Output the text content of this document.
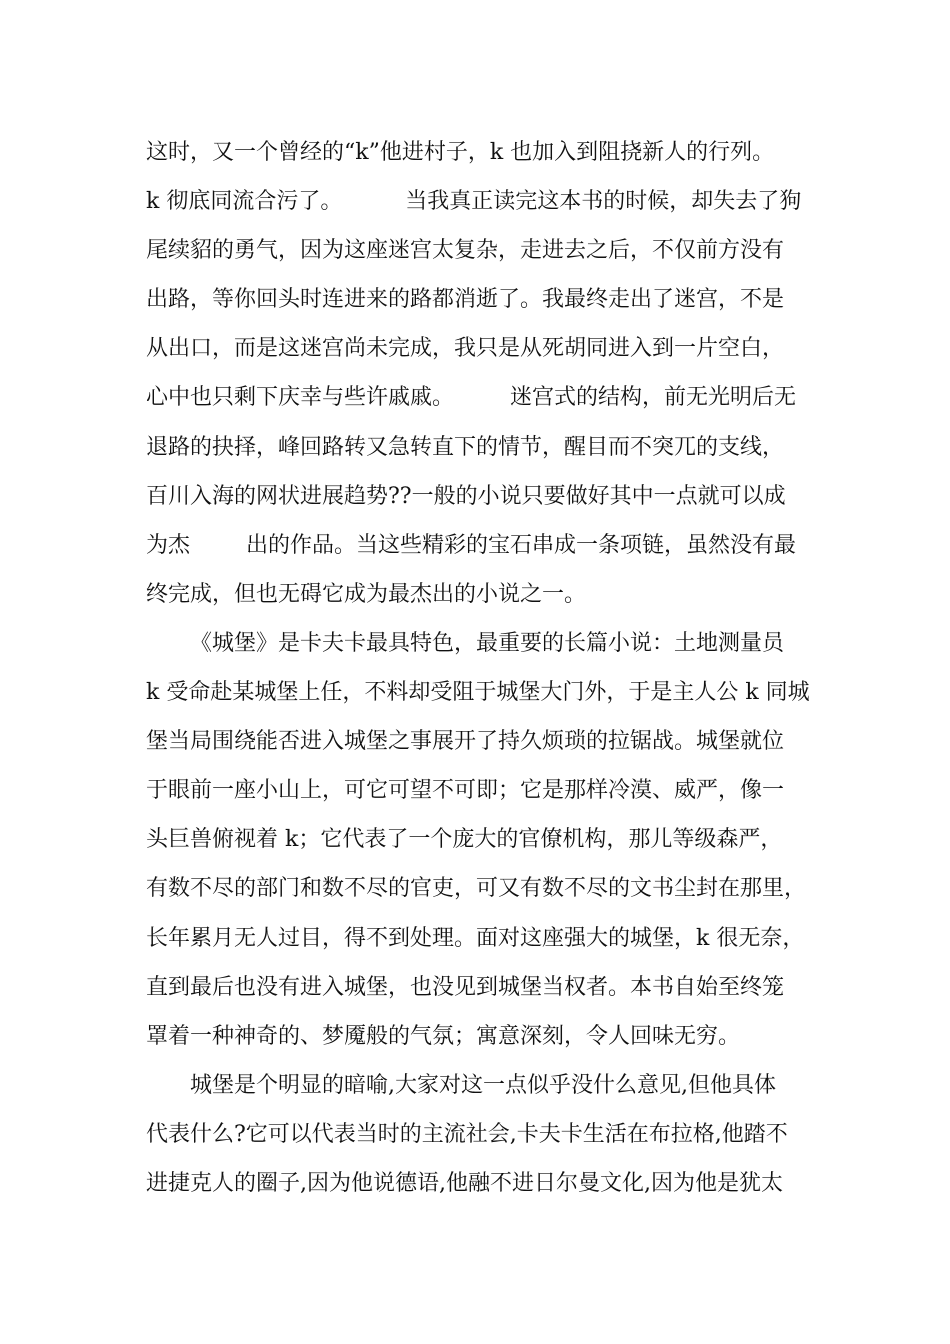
这时，又一个曾经的“k”他进村子，k 也加入到阻挠新人的行列。
k 彻底同流合污了。         当我真正读完这本书的时候，却失去了狗
尾续貂的勇气，因为这座迷宫太复杂，走进去之后，不仅前方没有
出路，等你回头时连进来的路都消逝了。我最终走出了迷宫，不是
从出口，而是这迷宫尚未完成，我只是从死胡同进入到一片空白，
心中也只剩下庆幸与些许戚戚。        迷宫式的结构，前无光明后无
退路的抉择，峰回路转又急转直下的情节，醒目而不突兀的支线，
百川入海的网状进展趋势??一般的小说只要做好其中一点就可以成
为杰        出的作品。当这些精彩的宝石串成一条项链，虽然没有最
终完成，但也无碍它成为最杰出的小说之一。
《城堡》是卡夫卡最具特色，最重要的长篇小说：土地测量员
k 受命赴某城堡上任，不料却受阻于城堡大门外，于是主人公 k 同城
堡当局围绕能否进入城堡之事展开了持久烦琐的拉锯战。城堡就位
于眼前一座小山上，可它可望不可即；它是那样冷漠、威严，像一
头巨兽俯视着 k；它代表了一个庞大的官僚机构，那儿等级森严，
有数不尽的部门和数不尽的官吏，可又有数不尽的文书尘封在那里，
长年累月无人过目，得不到处理。面对这座强大的城堡，k 很无奈，
直到最后也没有进入城堡，也没见到城堡当权者。本书自始至终笼
罩着一种神奇的、梦魇般的气氛；寓意深刻，令人回味无穷。
城堡是个明显的暗喻,大家对这一点似乎没什么意见,但他具体
代表什么?它可以代表当时的主流社会,卡夫卡生活在布拉格,他踏不
进捷克人的圈子,因为他说德语,他融不进日尔曼文化,因为他是犹太
